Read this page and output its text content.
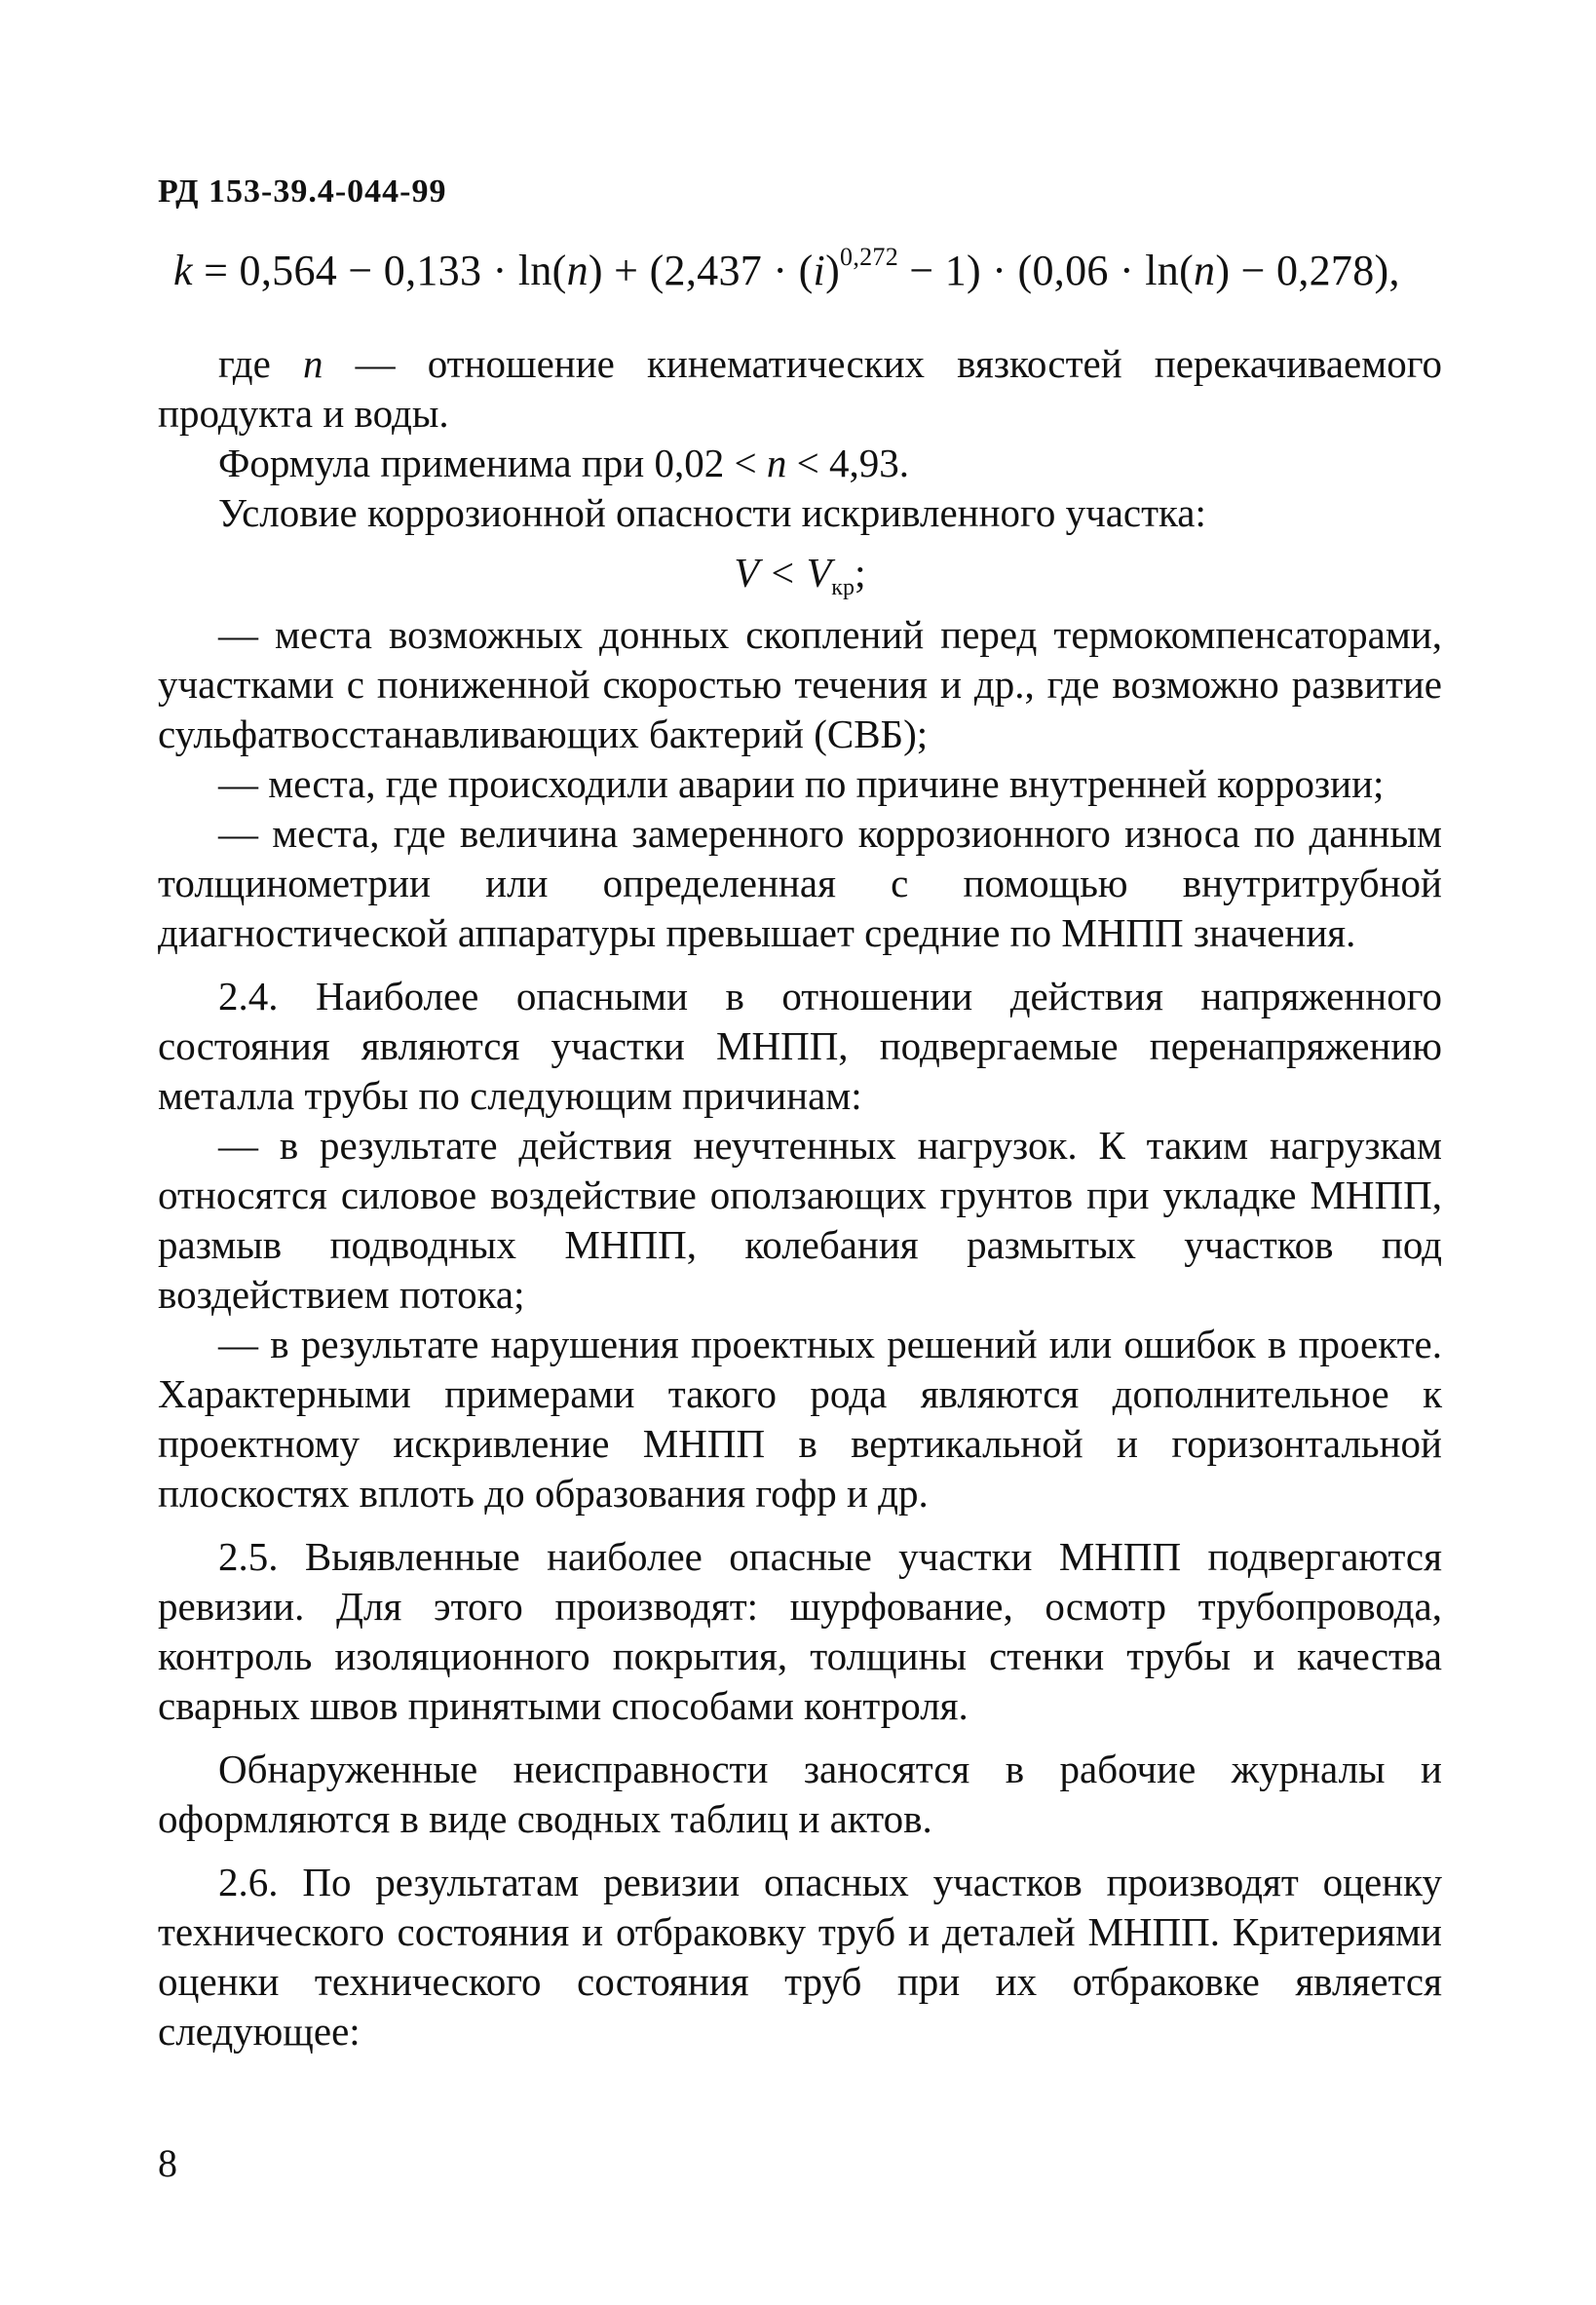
РД 153-39.4-044-99
$k = 0,564 - 0,133 \cdot \ln(n) + (2,437 \cdot (i)^{0,272} - 1) \cdot (0,06 \cdot \ln(n) - 0,278)$,

где n — отношение кинематических вязкостей перекачиваемого продукта и воды.

Формула применима при 0,02 < n < 4,93.

Условие коррозионной опасности искривленного участка:

$V < V_{кр}$;

— места возможных донных скоплений перед термокомпенсаторами, участками с пониженной скоростью течения и др., где возможно развитие сульфатвосстанавливающих бактерий (СВБ);

— места, где происходили аварии по причине внутренней коррозии;

— места, где величина замеренного коррозионного износа по данным толщинометрии или определенная с помощью внутритрубной диагностической аппаратуры превышает средние по МНПП значения.

2.4. Наиболее опасными в отношении действия напряженного состояния являются участки МНПП, подвергаемые перенапряжению металла трубы по следующим причинам:

— в результате действия неучтенных нагрузок. К таким нагрузкам относятся силовое воздействие оползающих грунтов при укладке МНПП, размыв подводных МНПП, колебания размытых участков под воздействием потока;

— в результате нарушения проектных решений или ошибок в проекте. Характерными примерами такого рода являются дополнительное к проектному искривление МНПП в вертикальной и горизонтальной плоскостях вплоть до образования гофр и др.

2.5. Выявленные наиболее опасные участки МНПП подвергаются ревизии. Для этого производят: шурфование, осмотр трубопровода, контроль изоляционного покрытия, толщины стенки трубы и качества сварных швов принятыми способами контроля.

Обнаруженные неисправности заносятся в рабочие журналы и оформляются в виде сводных таблиц и актов.

2.6. По результатам ревизии опасных участков производят оценку технического состояния и отбраковку труб и деталей МНПП. Критериями оценки технического состояния труб при их отбраковке является следующее:

8
